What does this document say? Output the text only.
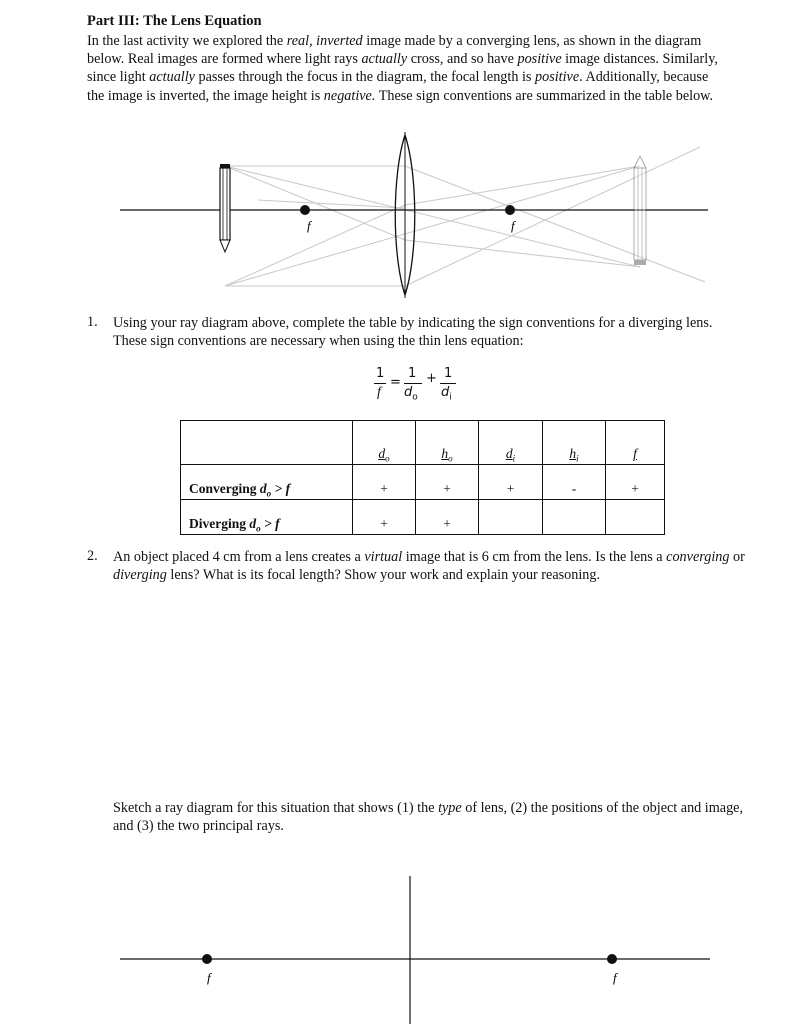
Part III: The Lens Equation
In the last activity we explored the real, inverted image made by a converging lens, as shown in the diagram below. Real images are formed where light rays actually cross, and so have positive image distances. Similarly, since light actually passes through the focus in the diagram, the focal length is positive. Additionally, because the image is inverted, the image height is negative. These sign conventions are summarized in the table below.
f	f
1. Using your ray diagram above, complete the table by indicating the sign conventions for a diverging lens. These sign conventions are necessary when using the thin lens equation:
1
f
=
1
$d_o$
+ 1
$d_i$
	$d_o$	$h_o$	$d_i$	$h_i$	f
Converging $d_o > f$	+	+	+	-	+
Diverging $d_o > f$	+	+			
2. An object placed 4 cm from a lens creates a virtual image that is 6 cm from the lens. Is the lens a converging or diverging lens? What is its focal length? Show your work and explain your reasoning.
Sketch a ray diagram for this situation that shows (1) the type of lens, (2) the positions of the object and image, and (3) the two principal rays.
f	f
